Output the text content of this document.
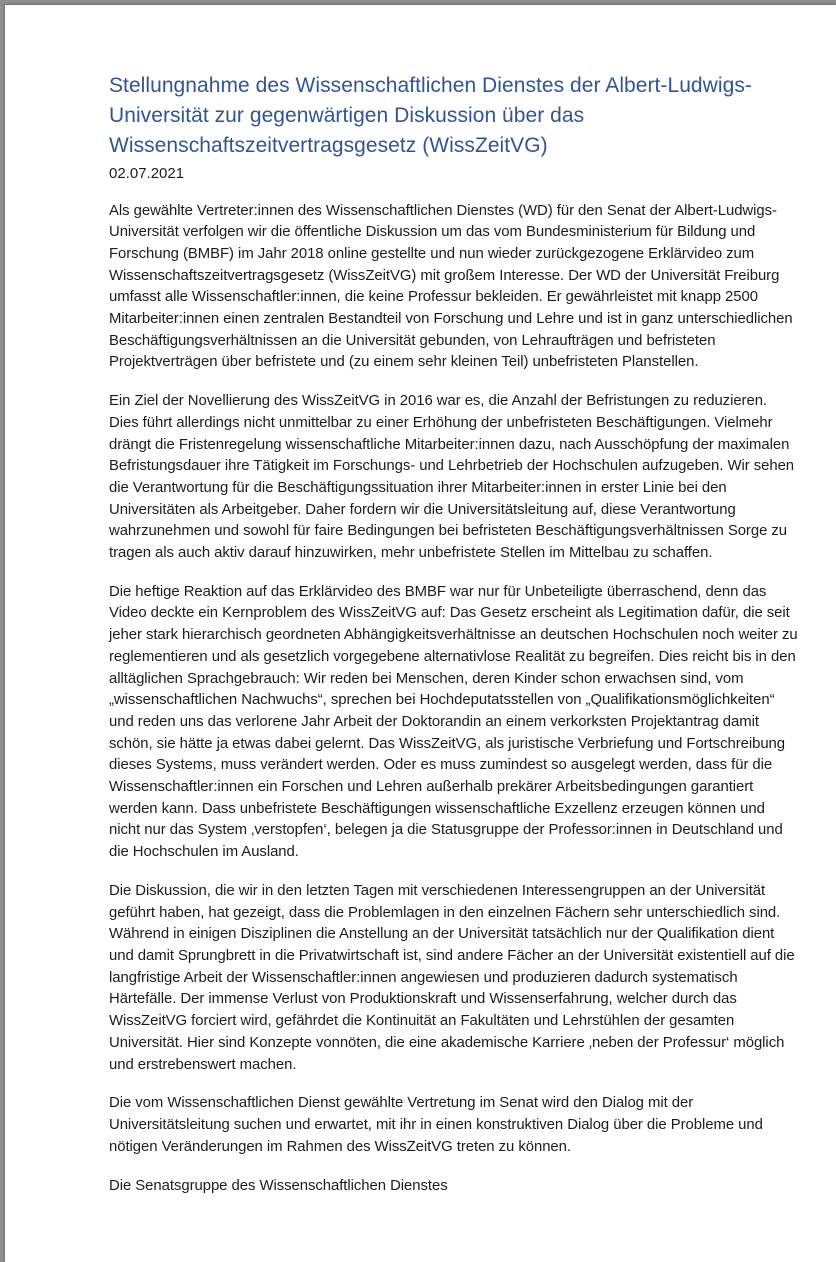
Stellungnahme des Wissenschaftlichen Dienstes der Albert-Ludwigs-Universität zur gegenwärtigen Diskussion über das Wissenschaftszeitvertragsgesetz (WissZeitVG)
02.07.2021

Als gewählte Vertreter:innen des Wissenschaftlichen Dienstes (WD) für den Senat der Albert-Ludwigs-Universität verfolgen wir die öffentliche Diskussion um das vom Bundesministerium für Bildung und Forschung (BMBF) im Jahr 2018 online gestellte und nun wieder zurückgezogene Erklärvideo zum Wissenschaftszeitvertragsgesetz (WissZeitVG) mit großem Interesse. Der WD der Universität Freiburg umfasst alle Wissenschaftler:innen, die keine Professur bekleiden. Er gewährleistet mit knapp 2500 Mitarbeiter:innen einen zentralen Bestandteil von Forschung und Lehre und ist in ganz unterschiedlichen Beschäftigungsverhältnissen an die Universität gebunden, von Lehraufträgen und befristeten Projektverträgen über befristete und (zu einem sehr kleinen Teil) unbefristeten Planstellen.

Ein Ziel der Novellierung des WissZeitVG in 2016 war es, die Anzahl der Befristungen zu reduzieren. Dies führt allerdings nicht unmittelbar zu einer Erhöhung der unbefristeten Beschäftigungen. Vielmehr drängt die Fristenregelung wissenschaftliche Mitarbeiter:innen dazu, nach Ausschöpfung der maximalen Befristungsdauer ihre Tätigkeit im Forschungs- und Lehrbetrieb der Hochschulen aufzugeben. Wir sehen die Verantwortung für die Beschäftigungssituation ihrer Mitarbeiter:innen in erster Linie bei den Universitäten als Arbeitgeber. Daher fordern wir die Universitätsleitung auf, diese Verantwortung wahrzunehmen und sowohl für faire Bedingungen bei befristeten Beschäftigungsverhältnissen Sorge zu tragen als auch aktiv darauf hinzuwirken, mehr unbefristete Stellen im Mittelbau zu schaffen.

Die heftige Reaktion auf das Erklärvideo des BMBF war nur für Unbeteiligte überraschend, denn das Video deckte ein Kernproblem des WissZeitVG auf: Das Gesetz erscheint als Legitimation dafür, die seit jeher stark hierarchisch geordneten Abhängigkeitsverhältnisse an deutschen Hochschulen noch weiter zu reglementieren und als gesetzlich vorgegebene alternativlose Realität zu begreifen. Dies reicht bis in den alltäglichen Sprachgebrauch: Wir reden bei Menschen, deren Kinder schon erwachsen sind, vom „wissenschaftlichen Nachwuchs“, sprechen bei Hochdeputatsstellen von „Qualifikationsmöglichkeiten“ und reden uns das verlorene Jahr Arbeit der Doktorandin an einem verkorksten Projektantrag damit schön, sie hätte ja etwas dabei gelernt. Das WissZeitVG, als juristische Verbriefung und Fortschreibung dieses Systems, muss verändert werden. Oder es muss zumindest so ausgelegt werden, dass für die Wissenschaftler:innen ein Forschen und Lehren außerhalb prekärer Arbeitsbedingungen garantiert werden kann. Dass unbefristete Beschäftigungen wissenschaftliche Exzellenz erzeugen können und nicht nur das System ‚verstopfen‘, belegen ja die Statusgruppe der Professor:innen in Deutschland und die Hochschulen im Ausland.

Die Diskussion, die wir in den letzten Tagen mit verschiedenen Interessengruppen an der Universität geführt haben, hat gezeigt, dass die Problemlagen in den einzelnen Fächern sehr unterschiedlich sind. Während in einigen Disziplinen die Anstellung an der Universität tatsächlich nur der Qualifikation dient und damit Sprungbrett in die Privatwirtschaft ist, sind andere Fächer an der Universität existentiell auf die langfristige Arbeit der Wissenschaftler:innen angewiesen und produzieren dadurch systematisch Härtefälle. Der immense Verlust von Produktionskraft und Wissenserfahrung, welcher durch das WissZeitVG forciert wird, gefährdet die Kontinuität an Fakultäten und Lehrstühlen der gesamten Universität. Hier sind Konzepte vonnöten, die eine akademische Karriere ‚neben der Professur‘ möglich und erstrebenswert machen.

Die vom Wissenschaftlichen Dienst gewählte Vertretung im Senat wird den Dialog mit der Universitätsleitung suchen und erwartet, mit ihr in einen konstruktiven Dialog über die Probleme und nötigen Veränderungen im Rahmen des WissZeitVG treten zu können.

Die Senatsgruppe des Wissenschaftlichen Dienstes
